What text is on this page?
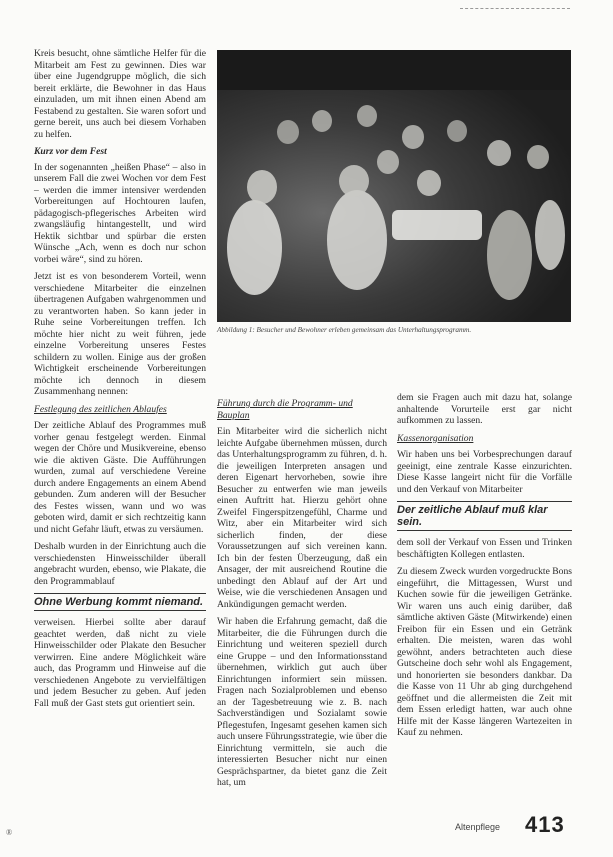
Kreis besucht, ohne sämtliche Helfer für die Mitarbeit am Fest zu gewinnen. Dies war über eine Jugendgruppe möglich, die sich bereit erklärte, die Bewohner in das Haus einzuladen, um mit ihnen einen Abend am Festabend zu gestalten. Sie waren sofort und gerne bereit, uns auch bei diesem Vorhaben zu helfen.

Kurz vor dem Fest

In der sogenannten „heißen Phase“ – also in unserem Fall die zwei Wochen vor dem Fest – werden die immer intensiver werdenden Vorbereitungen auf Hochtouren laufen, pädagogisch-pflegerisches Arbeiten wird zwangsläufig hintangestellt, und wird Hektik sichtbar und spürbar die ersten Wünsche „Ach, wenn es doch nur schon vorbei wäre“, sind zu hören.

Jetzt ist es von besonderem Vorteil, wenn verschiedene Mitarbeiter die einzelnen übertragenen Aufgaben wahrgenommen und zu verantworten haben. So kann jeder in Ruhe seine Vorbereitungen treffen. Ich möchte hier nicht zu weit führen, jede einzelne Vorbereitung unseres Festes schildern zu wollen. Einige aus der großen Wichtigkeit erscheinende Vorbereitungen möchte ich dennoch in diesem Zusammenhang nennen:

Festlegung des zeitlichen Ablaufes

Der zeitliche Ablauf des Programmes muß vorher genau festgelegt werden. Einmal wegen der Chöre und Musikvereine, ebenso wie die aktiven Gäste. Die Aufführungen wurden, zumal auf verschiedene Vereine durch andere Engagements an einem Abend gebunden. Zum anderen will der Besucher des Festes wissen, wann und wo was geboten wird, damit er sich rechtzeitig kann und nicht Gefahr läuft, etwas zu versäumen.

Deshalb wurden in der Einrichtung auch die verschiedensten Hinweisschilder überall angebracht wurden, ebenso, wie Plakate, die den Programmablauf

Ohne Werbung kommt niemand.

verweisen. Hierbei sollte aber darauf geachtet werden, daß nicht zu viele Hinweisschilder oder Plakate den Besucher verwirren. Eine andere Möglichkeit wäre auch, das Programm und Hinweise auf die verschiedenen Angebote zu vervielfältigen und jedem Besucher zu geben. Auf jeden Fall muß der Gast stets gut orientiert sein.

Abbildung 1: Besucher und Bewohner erleben gemeinsam das Unterhaltungsprogramm.
Führung durch die Programm- und Bauplan

Ein Mitarbeiter wird die sicherlich nicht leichte Aufgabe übernehmen müssen, durch das Unterhaltungsprogramm zu führen, d. h. die jeweiligen Interpreten ansagen und deren Eigenart hervorheben, sowie ihre Besucher zu entwerfen wie man jeweils einen Auftritt hat. Hierzu gehört ohne Zweifel Fingerspitzengefühl, Charme und Witz, aber ein Mitarbeiter wird sich sicherlich finden, der diese Voraussetzungen auf sich vereinen kann. Ich bin der festen Überzeugung, daß ein Ansager, der mit ausreichend Routine die unbedingt den Ablauf auf der Art und Weise, wie die verschiedenen Ansagen und Ankündigungen gemacht werden.

Wir haben die Erfahrung gemacht, daß die Mitarbeiter, die die Führungen durch die Einrichtung und weiteren speziell durch eine Gruppe – und den Informationsstand übernehmen, wirklich gut auch über Einrichtungen informiert sein müssen. Fragen nach Sozialproblemen und ebenso an der Tagesbetreuung wie z. B. nach Sachverständigen und Sozialamt sowie Pflegestufen, Ingesamt gesehen kamen sich auch unsere Führungsstrategie, wie über die Einrichtung vermitteln, sie auch die interessierten Besucher nicht nur einen Gesprächspartner, da bietet ganz die Zeit hat, um

dem sie Fragen auch mit dazu hat, solange anhaltende Vorurteile erst gar nicht aufkommen zu lassen.

Kassenorganisation

Wir haben uns bei Vorbesprechungen darauf geeinigt, eine zentrale Kasse einzurichten. Diese Kasse langeirt nicht für die Vorfälle und den Verkauf von Mitarbeiter

Der zeitliche Ablauf muß klar sein.

dem soll der Verkauf von Essen und Trinken beschäftigten Kollegen entlasten.

Zu diesem Zweck wurden vorgedruckte Bons eingeführt, die Mittagessen, Wurst und Kuchen sowie für die jeweiligen Getränke. Wir waren uns auch einig darüber, daß sämtliche aktiven Gäste (Mitwirkende) einen Freibon für ein Essen und ein Getränk erhalten. Die meisten, waren das wohl gewöhnt, anders betrachteten auch diese Gutscheine doch sehr wohl als Engagement, und honorierten sie besonders dankbar. Da die Kasse von 11 Uhr ab ging durchgehend geöffnet und die allermeisten die Zeit mit dem Essen erledigt hatten, war auch ohne Hilfe mit der Kasse längeren Wartezeiten in Kauf zu nehmen.

Altenpflege 413
®
